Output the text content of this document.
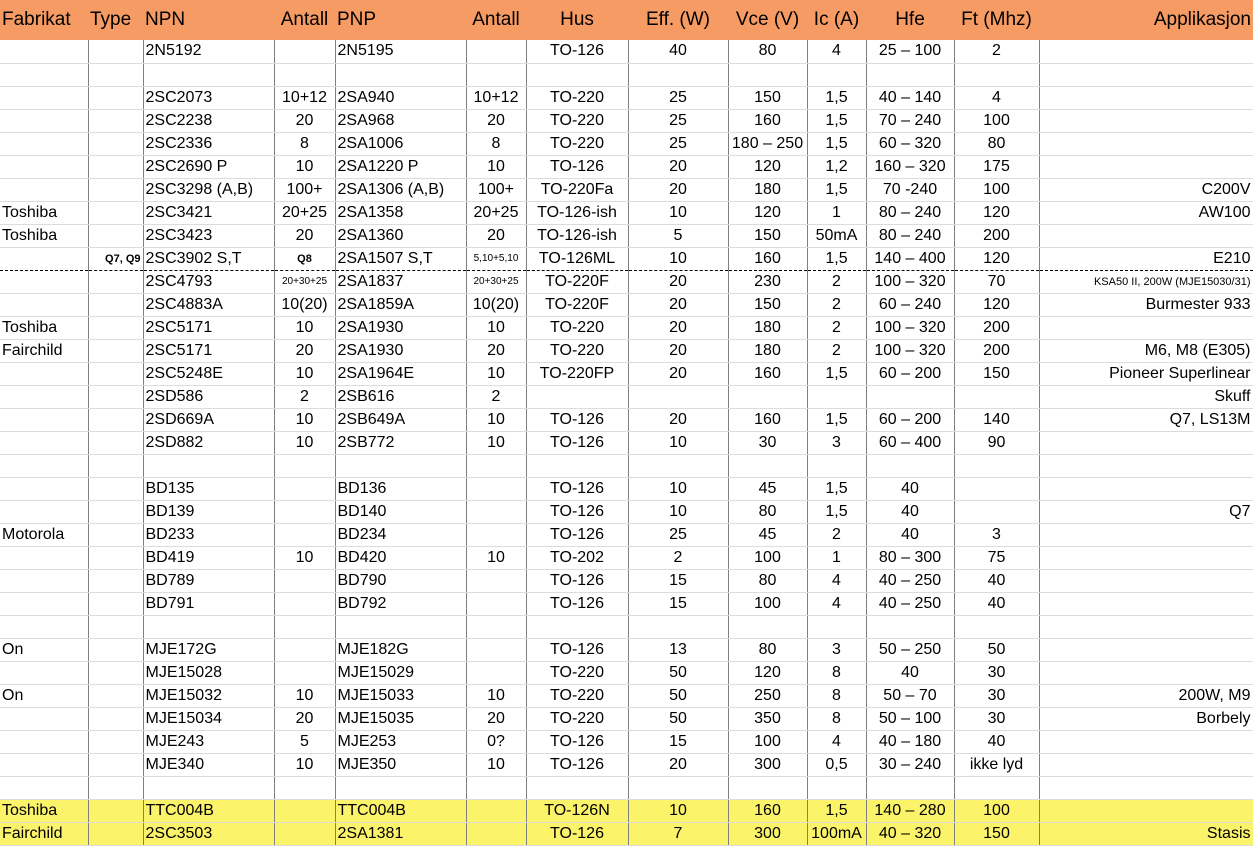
Fabrikat	Type	NPN	Antall	PNP	Antall	Hus	Eff. (W)	Vce (V)	Ic (A)	Hfe	Ft (Mhz)	Applikasjon
		2N5192		2N5195		TO-126	40	80	4	25 – 100	2	

		2SC2073	10+12	2SA940	10+12	TO-220	25	150	1,5	40 – 140	4	
		2SC2238	20	2SA968	20	TO-220	25	160	1,5	70 – 240	100	
		2SC2336	8	2SA1006	8	TO-220	25	180 – 250	1,5	60 – 320	80	
		2SC2690 P	10	2SA1220 P	10	TO-126	20	120	1,2	160 – 320	175	
		2SC3298 (A,B)	100+	2SA1306 (A,B)	100+	TO-220Fa	20	180	1,5	70 -240	100	C200V
Toshiba		2SC3421	20+25	2SA1358	20+25	TO-126-ish	10	120	1	80 – 240	120	AW100
Toshiba		2SC3423	20	2SA1360	20	TO-126-ish	5	150	50mA	80 – 240	200	
	Q7, Q9	2SC3902 S,T	Q8	2SA1507 S,T	5,10+5,10	TO-126ML	10	160	1,5	140 – 400	120	E210
		2SC4793	20+30+25	2SA1837	20+30+25	TO-220F	20	230	2	100 – 320	70	KSA50 II, 200W (MJE15030/31)
		2SC4883A	10(20)	2SA1859A	10(20)	TO-220F	20	150	2	60 – 240	120	Burmester 933
Toshiba		2SC5171	10	2SA1930	10	TO-220	20	180	2	100 – 320	200	
Fairchild		2SC5171	20	2SA1930	20	TO-220	20	180	2	100 – 320	200	M6, M8 (E305)
		2SC5248E	10	2SA1964E	10	TO-220FP	20	160	1,5	60 – 200	150	Pioneer Superlinear
		2SD586	2	2SB616	2							Skuff
		2SD669A	10	2SB649A	10	TO-126	20	160	1,5	60 – 200	140	Q7, LS13M
		2SD882	10	2SB772	10	TO-126	10	30	3	60 – 400	90	

		BD135		BD136		TO-126	10	45	1,5	40		
		BD139		BD140		TO-126	10	80	1,5	40		Q7
Motorola		BD233		BD234		TO-126	25	45	2	40	3	
		BD419	10	BD420	10	TO-202	2	100	1	80 – 300	75	
		BD789		BD790		TO-126	15	80	4	40 – 250	40	
		BD791		BD792		TO-126	15	100	4	40 – 250	40	

On		MJE172G		MJE182G		TO-126	13	80	3	50 – 250	50	
		MJE15028		MJE15029		TO-220	50	120	8	40	30	
On		MJE15032	10	MJE15033	10	TO-220	50	250	8	50 – 70	30	200W, M9
		MJE15034	20	MJE15035	20	TO-220	50	350	8	50 – 100	30	Borbely
		MJE243	5	MJE253	0?	TO-126	15	100	4	40 – 180	40	
		MJE340	10	MJE350	10	TO-126	20	300	0,5	30 – 240	ikke lyd	

Toshiba		TTC004B		TTC004B		TO-126N	10	160	1,5	140 – 280	100	
Fairchild		2SC3503		2SA1381		TO-126	7	300	100mA	40 – 320	150	Stasis
